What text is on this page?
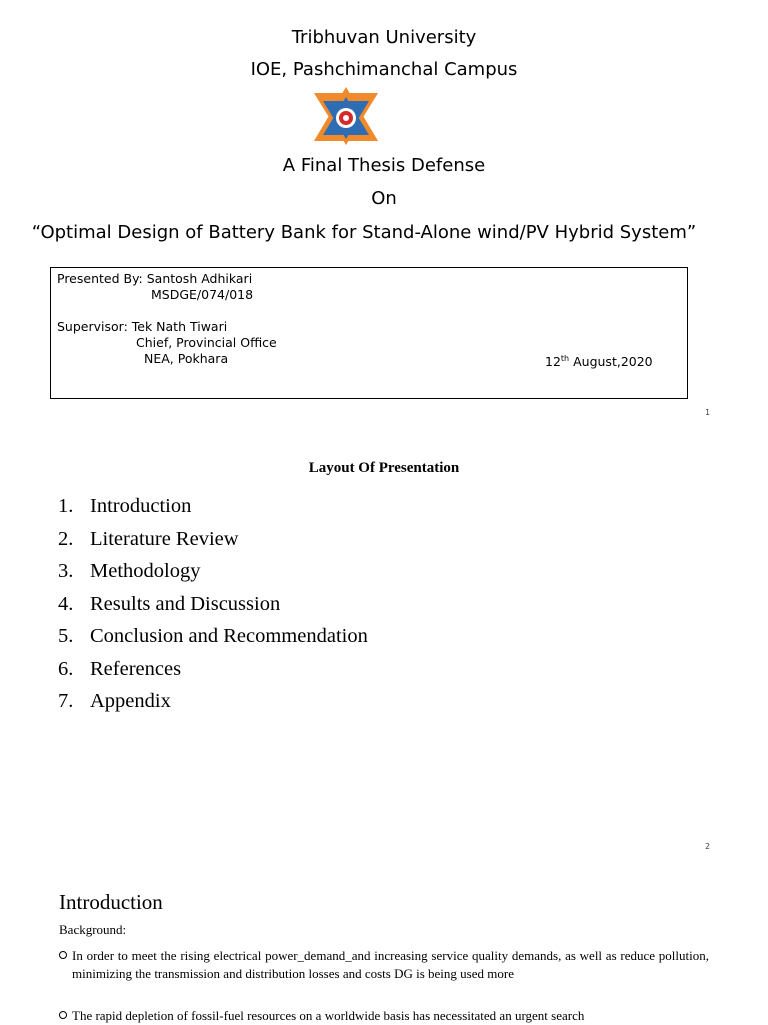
Tribhuvan University
IOE, Pashchimanchal Campus
A Final Thesis Defense
On
“Optimal Design of Battery Bank for Stand-Alone wind/PV Hybrid System”
Presented By: Santosh Adhikari
MSDGE/074/018
Supervisor: Tek Nath Tiwari
Chief, Provincial Office
NEA, Pokhara	12th August,2020
1
Layout Of Presentation
1. Introduction
2. Literature Review
3. Methodology
4. Results and Discussion
5. Conclusion and Recommendation
6. References
7. Appendix
2
Introduction
Background:
In order to meet the rising electrical power_demand_and increasing service quality demands, as well as reduce pollution, minimizing the transmission and distribution losses and costs DG is being used more
The rapid depletion of fossil-fuel resources on a worldwide basis has necessitated an urgent search
